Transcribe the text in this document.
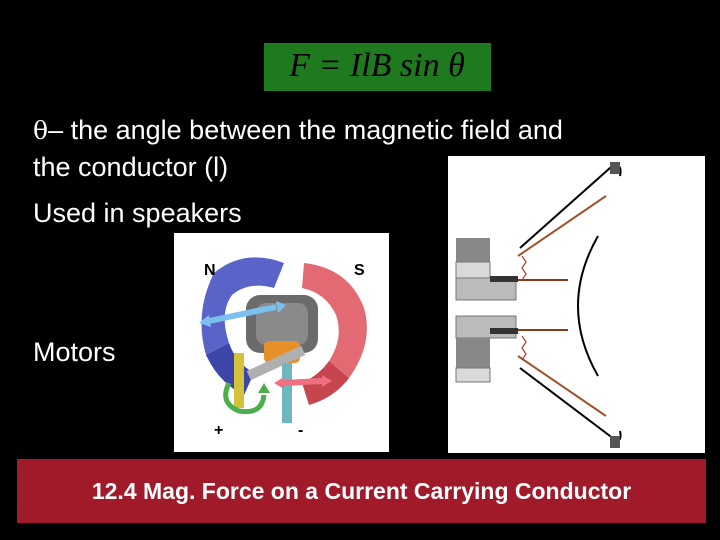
F = IlB sin θ
θ– the angle between the magnetic field and
the conductor (l)
Used in speakers
Motors
N	S
+	-
12.4 Mag. Force on a Current Carrying Conductor
